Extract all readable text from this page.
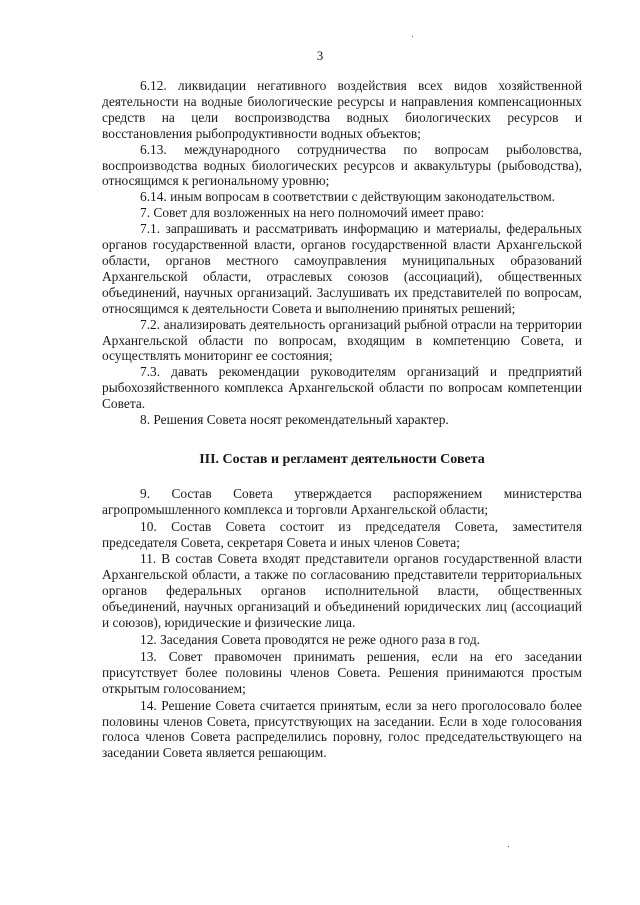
3

6.12. ликвидации негативного воздействия всех видов хозяйственной деятельности на водные биологические ресурсы и направления компенсационных средств на цели воспроизводства водных биологических ресурсов и восстановления рыбопродуктивности водных объектов;

6.13. международного сотрудничества по вопросам рыболовства, воспроизводства водных биологических ресурсов и аквакультуры (рыбоводства), относящимся к региональному уровню;

6.14. иным вопросам в соответствии с действующим законодательством.

7. Совет для возложенных на него полномочий имеет право:

7.1. запрашивать и рассматривать информацию и материалы, федеральных органов государственной власти, органов государственной власти Архангельской области, органов местного самоуправления муниципальных образований Архангельской области, отраслевых союзов (ассоциаций), общественных объединений, научных организаций. Заслушивать их представителей по вопросам, относящимся к деятельности Совета и выполнению принятых решений;

7.2. анализировать деятельность организаций рыбной отрасли на территории Архангельской области по вопросам, входящим в компетенцию Совета, и осуществлять мониторинг ее состояния;

7.3. давать рекомендации руководителям организаций и предприятий рыбохозяйственного комплекса Архангельской области по вопросам компетенции Совета.

8. Решения Совета носят рекомендательный характер.

III. Состав и регламент деятельности Совета

9. Состав Совета утверждается распоряжением министерства агропромышленного комплекса и торговли Архангельской области;

10. Состав Совета состоит из председателя Совета, заместителя председателя Совета, секретаря Совета и иных членов Совета;

11. В состав Совета входят представители органов государственной власти Архангельской области, а также по согласованию представители территориальных органов федеральных органов исполнительной власти, общественных объединений, научных организаций и объединений юридических лиц (ассоциаций и союзов), юридические и физические лица.

12. Заседания Совета проводятся не реже одного раза в год.

13. Совет правомочен принимать решения, если на его заседании присутствует более половины членов Совета. Решения принимаются простым открытым голосованием;

14. Решение Совета считается принятым, если за него проголосовало более половины членов Совета, присутствующих на заседании. Если в ходе голосования голоса членов Совета распределились поровну, голос председательствующего на заседании Совета является решающим.
